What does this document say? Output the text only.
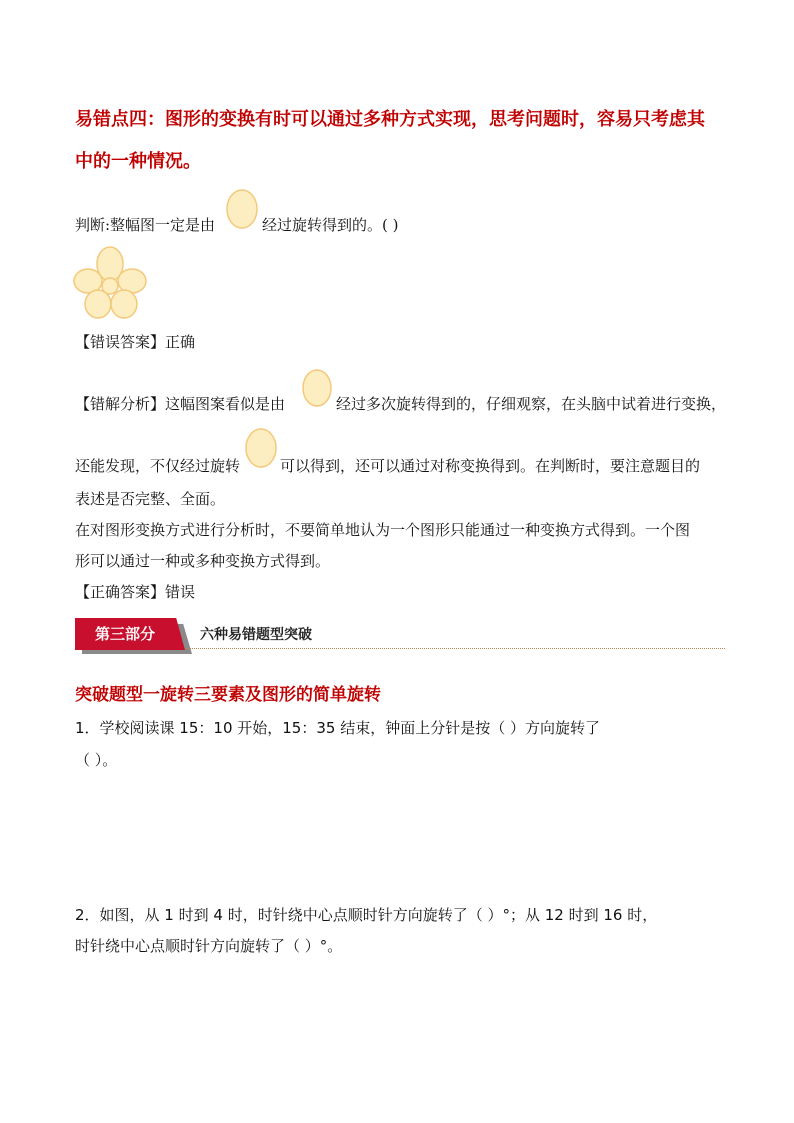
易错点四：图形的变换有时可以通过多种方式实现，思考问题时，容易只考虑其
中的一种情况。
判断:整幅图一定是由	经过旋转得到的。( )
【错误答案】正确
【错解分析】这幅图案看似是由	经过多次旋转得到的，仔细观察，在头脑中试着进行变换，
还能发现，不仅经过旋转	可以得到，还可以通过对称变换得到。在判断时，要注意题目的
表述是否完整、全面。
在对图形变换方式进行分析时，不要简单地认为一个图形只能通过一种变换方式得到。一个图
形可以通过一种或多种变换方式得到。
【正确答案】错误
第三部分	六种易错题型突破
突破题型一旋转三要素及图形的简单旋转
1．学校阅读课 15：10 开始，15：35 结束，钟面上分针是按（ ）方向旋转了
（ ）。
2．如图，从 1 时到 4 时，时针绕中心点顺时针方向旋转了（ ）°；从 12 时到 16 时，
时针绕中心点顺时针方向旋转了（ ）°。
